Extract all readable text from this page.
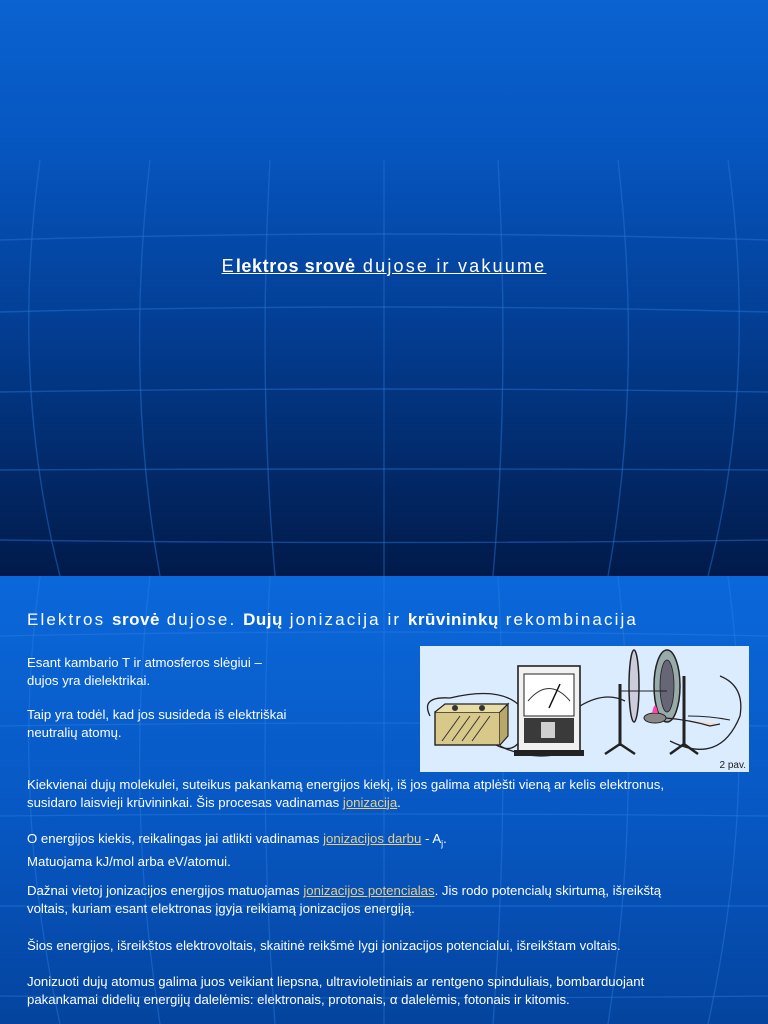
Elektros srovė dujose ir vakuume
Elektros srovė dujose. Dujų jonizacija ir krūvininkų rekombinacija
Esant kambario T ir atmosferos slėgiui –
dujos yra dielektrikai.
Taip yra todėl, kad jos susideda iš elektriškai
neutralių atomų.
2 pav.
Kiekvienai dujų molekulei, suteikus pakankamą energijos kiekį, iš jos galima atplėšti vieną ar kelis elektronus,
susidaro laisvieji krūvininkai. Šis procesas vadinamas jonizacija.
O energijos kiekis, reikalingas jai atlikti vadinamas jonizacijos darbu - $A_j$.
Matuojama kJ/mol arba eV/atomui.
Dažnai vietoj jonizacijos energijos matuojamas jonizacijos potencialas. Jis rodo potencialų skirtumą, išreikštą
voltais, kuriam esant elektronas įgyja reikiamą jonizacijos energiją.
Šios energijos, išreikštos elektrovoltais, skaitinė reikšmė lygi jonizacijos potencialui, išreikštam voltais.
Jonizuoti dujų atomus galima juos veikiant liepsna, ultravioletiniais ar rentgeno spinduliais, bombarduojant
pakankamai didelių energijų dalelėmis: elektronais, protonais, α dalelėmis, fotonais ir kitomis.
